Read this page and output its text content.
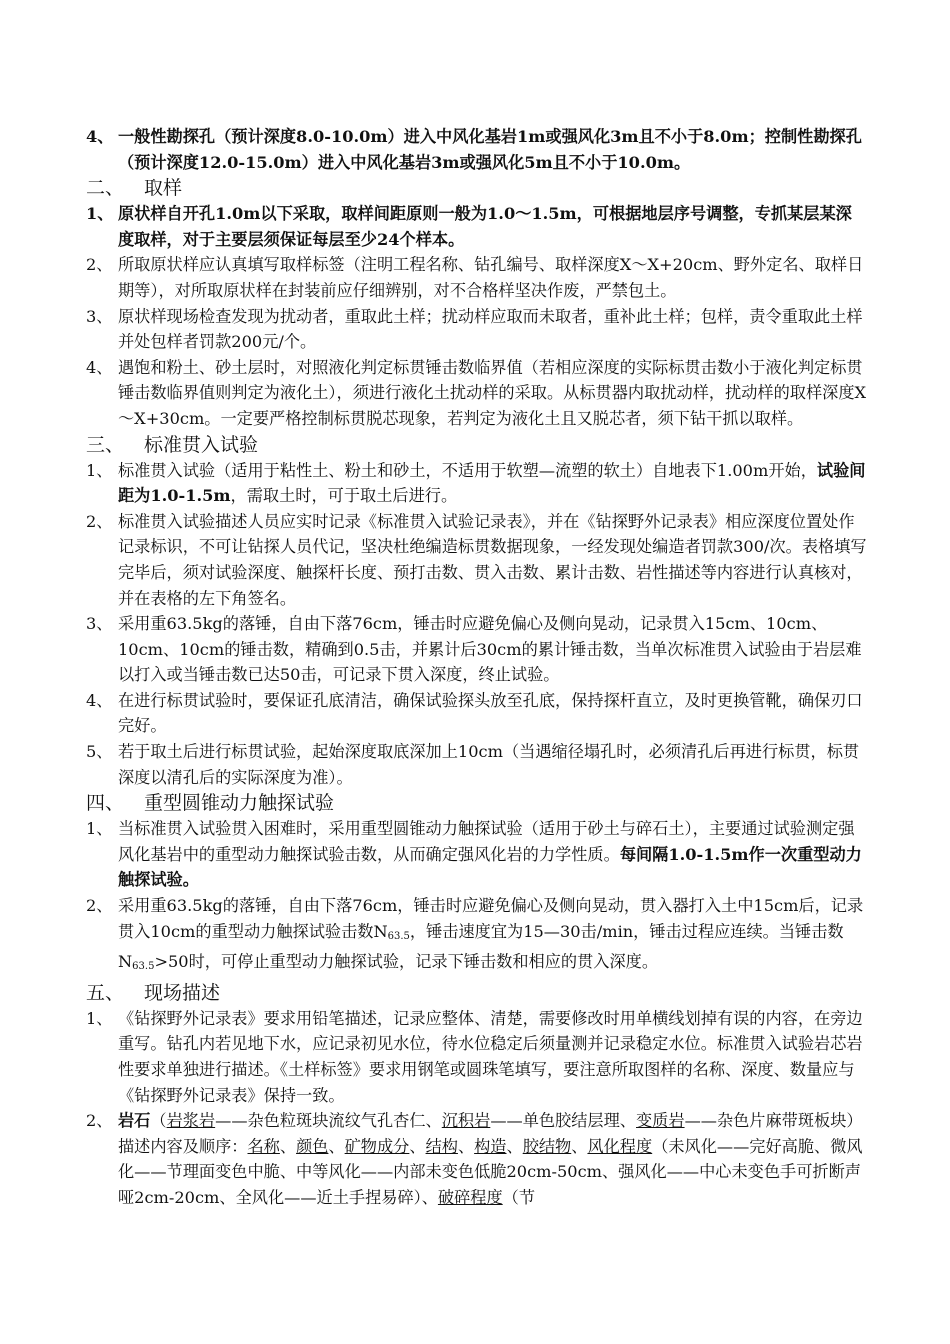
4、 一般性勘探孔（预计深度8.0-10.0m）进入中风化基岩1m或强风化3m且不小于8.0m；控制性勘探孔（预计深度12.0-15.0m）进入中风化基岩3m或强风化5m且不小于10.0m。

二、 取样

1、 原状样自开孔1.0m以下采取，取样间距原则一般为1.0～1.5m，可根据地层序号调整，专抓某层某深度取样，对于主要层须保证每层至少24个样本。

2、 所取原状样应认真填写取样标签（注明工程名称、钻孔编号、取样深度X～X+20cm、野外定名、取样日期等），对所取原状样在封装前应仔细辨别，对不合格样坚决作废，严禁包土。

3、 原状样现场检查发现为扰动者，重取此土样；扰动样应取而未取者，重补此土样；包样，责令重取此土样并处包样者罚款200元/个。

4、 遇饱和粉土、砂土层时，对照液化判定标贯锤击数临界值（若相应深度的实际标贯击数小于液化判定标贯锤击数临界值则判定为液化土），须进行液化土扰动样的采取。从标贯器内取扰动样，扰动样的取样深度X～X+30cm。一定要严格控制标贯脱芯现象，若判定为液化土且又脱芯者，须下钻干抓以取样。

三、 标准贯入试验

1、 标准贯入试验（适用于粘性土、粉土和砂土，不适用于软塑—流塑的软土）自地表下1.00m开始，试验间距为1.0-1.5m，需取土时，可于取土后进行。

2、 标准贯入试验描述人员应实时记录《标准贯入试验记录表》，并在《钻探野外记录表》相应深度位置处作记录标识，不可让钻探人员代记，坚决杜绝编造标贯数据现象，一经发现处编造者罚款300/次。表格填写完毕后，须对试验深度、触探杆长度、预打击数、贯入击数、累计击数、岩性描述等内容进行认真核对，并在表格的左下角签名。

3、 采用重63.5kg的落锤，自由下落76cm，锤击时应避免偏心及侧向晃动，记录贯入15cm、10cm、10cm、10cm的锤击数，精确到0.5击，并累计后30cm的累计锤击数，当单次标准贯入试验由于岩层难以打入或当锤击数已达50击，可记录下贯入深度，终止试验。

4、 在进行标贯试验时，要保证孔底清洁，确保试验探头放至孔底，保持探杆直立，及时更换管靴，确保刃口完好。

5、 若于取土后进行标贯试验，起始深度取底深加上10cm（当遇缩径塌孔时，必须清孔后再进行标贯，标贯深度以清孔后的实际深度为准）。

四、 重型圆锥动力触探试验

1、 当标准贯入试验贯入困难时，采用重型圆锥动力触探试验（适用于砂土与碎石土），主要通过试验测定强风化基岩中的重型动力触探试验击数，从而确定强风化岩的力学性质。每间隔1.0-1.5m作一次重型动力触探试验。

2、 采用重63.5kg的落锤，自由下落76cm，锤击时应避免偏心及侧向晃动，贯入器打入土中15cm后，记录贯入10cm的重型动力触探试验击数$N_{63.5}$，锤击速度宜为15—30击/min，锤击过程应连续。当锤击数$N_{63.5}>50$时，可停止重型动力触探试验，记录下锤击数和相应的贯入深度。

五、 现场描述

1、 《钻探野外记录表》要求用铅笔描述，记录应整体、清楚，需要修改时用单横线划掉有误的内容，在旁边重写。钻孔内若见地下水，应记录初见水位，待水位稳定后须量测并记录稳定水位。标准贯入试验岩芯岩性要求单独进行描述。《土样标签》要求用钢笔或圆珠笔填写，要注意所取图样的名称、深度、数量应与《钻探野外记录表》保持一致。

2、 岩石（岩浆岩——杂色粒斑块流纹气孔杏仁、沉积岩——单色胶结层理、变质岩——杂色片麻带斑板块）描述内容及顺序：名称、颜色、矿物成分、结构、构造、胶结物、风化程度（未风化——完好高脆、微风化——节理面变色中脆、中等风化——内部未变色低脆20cm-50cm、强风化——中心未变色手可折断声哑2cm-20cm、全风化——近土手捏易碎）、破碎程度（节
